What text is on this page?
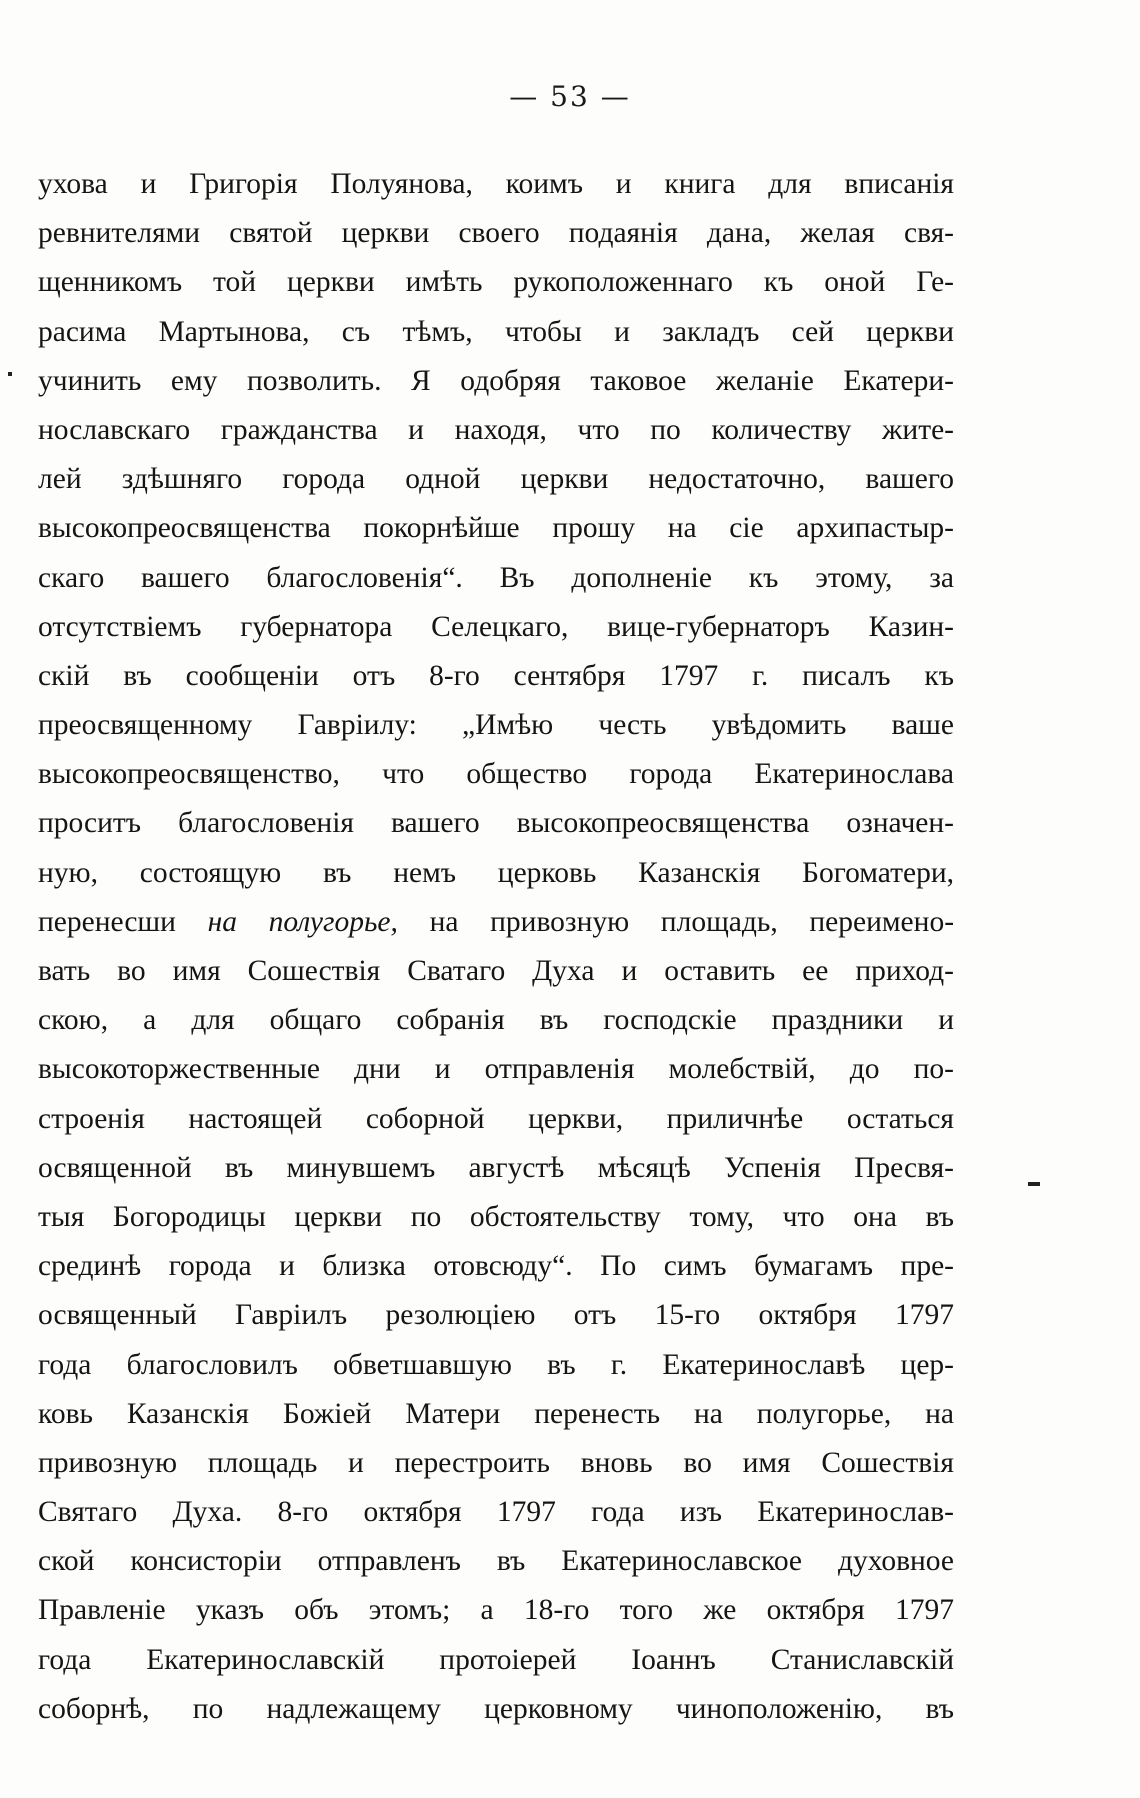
— 53 —
ухова и Григорія Полуянова, коимъ и книга для вписанія
ревнителями святой церкви своего подаянія дана, желая свя-
щенникомъ той церкви имѣть рукоположеннаго къ оной Ге-
расима Мартынова, съ тѣмъ, чтобы и закладъ сей церкви
учинить ему позволить. Я одобряя таковое желаніе Екатери-
нославскаго гражданства и находя, что по количеству жите-
лей здѣшняго города одной церкви недостаточно, вашего
высокопреосвященства покорнѣйше прошу на сіе архипастыр-
скаго вашего благословенія“. Въ дополненіе къ этому, за
отсутствіемъ губернатора Селецкаго, вице-губернаторъ Казин-
скій въ сообщеніи отъ 8-го сентября 1797 г. писалъ къ
преосвященному Гавріилу: „Имѣю честь увѣдомить ваше
высокопреосвященство, что общество города Екатеринослава
проситъ благословенія вашего высокопреосвященства означен-
ную, состоящую въ немъ церковь Казанскія Богоматери,
перенесши на полугорье, на привозную площадь, переимено-
вать во имя Сошествія Сватаго Духа и оставить ее приход-
скою, а для общаго собранія въ господскіе праздники и
высокоторжественные дни и отправленія молебствій, до по-
строенія настоящей соборной церкви, приличнѣе остаться
освященной въ минувшемъ августѣ мѣсяцѣ Успенія Пресвя-
тыя Богородицы церкви по обстоятельству тому, что она въ
срединѣ города и близка отовсюду“. По симъ бумагамъ пре-
освященный Гавріилъ резолюціею отъ 15-го октября 1797
года благословилъ обветшавшую въ г. Екатеринославѣ цер-
ковь Казанскія Божіей Матери перенесть на полугорье, на
привозную площадь и перестроить вновь во имя Сошествія
Святаго Духа. 8-го октября 1797 года изъ Екатеринослав-
ской консисторіи отправленъ въ Екатеринославское духовное
Правленіе указъ объ этомъ; а 18-го того же октября 1797
года Екатеринославскій протоіерей Іоаннъ Станиславскій
соборнѣ, по надлежащему церковному чиноположенію, въ
